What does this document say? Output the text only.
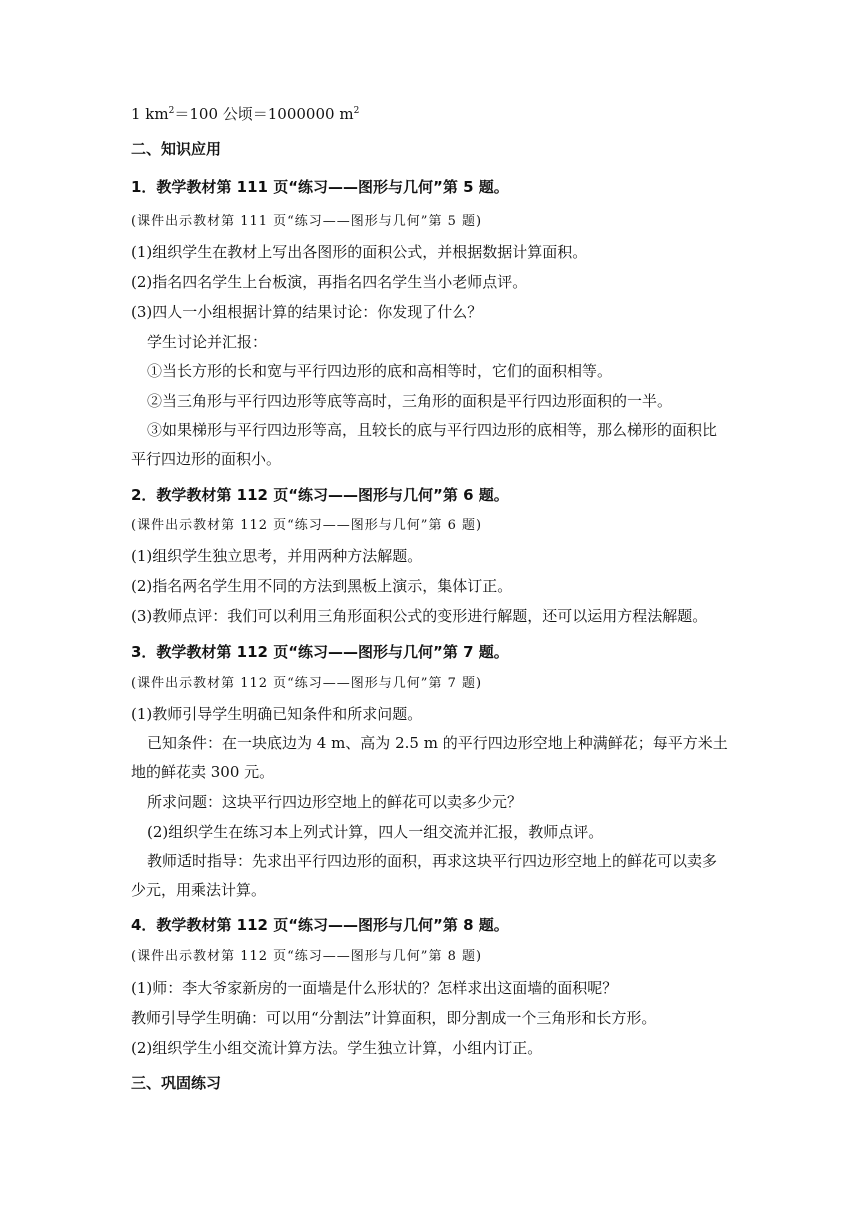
1 $km^2=100$ 公顷＝1000000 $m^2$
二、知识应用
1．教学教材第 111 页“练习——图形与几何”第 5 题。
(课件出示教材第 111 页“练习——图形与几何”第 5 题)
(1)组织学生在教材上写出各图形的面积公式，并根据数据计算面积。
(2)指名四名学生上台板演，再指名四名学生当小老师点评。
(3)四人一小组根据计算的结果讨论：你发现了什么？
学生讨论并汇报：
①当长方形的长和宽与平行四边形的底和高相等时，它们的面积相等。
②当三角形与平行四边形等底等高时，三角形的面积是平行四边形面积的一半。
③如果梯形与平行四边形等高，且较长的底与平行四边形的底相等，那么梯形的面积比
平行四边形的面积小。
2．教学教材第 112 页“练习——图形与几何”第 6 题。
(课件出示教材第 112 页“练习——图形与几何”第 6 题)
(1)组织学生独立思考，并用两种方法解题。
(2)指名两名学生用不同的方法到黑板上演示，集体订正。
(3)教师点评：我们可以利用三角形面积公式的变形进行解题，还可以运用方程法解题。
3．教学教材第 112 页“练习——图形与几何”第 7 题。
(课件出示教材第 112 页“练习——图形与几何”第 7 题)
(1)教师引导学生明确已知条件和所求问题。
已知条件：在一块底边为 4 m、高为 2.5 m 的平行四边形空地上种满鲜花；每平方米土
地的鲜花卖 300 元。
所求问题：这块平行四边形空地上的鲜花可以卖多少元？
(2)组织学生在练习本上列式计算，四人一组交流并汇报，教师点评。
教师适时指导：先求出平行四边形的面积，再求这块平行四边形空地上的鲜花可以卖多
少元，用乘法计算。
4．教学教材第 112 页“练习——图形与几何”第 8 题。
(课件出示教材第 112 页“练习——图形与几何”第 8 题)
(1)师：李大爷家新房的一面墙是什么形状的？怎样求出这面墙的面积呢？
教师引导学生明确：可以用“分割法”计算面积，即分割成一个三角形和长方形。
(2)组织学生小组交流计算方法。学生独立计算，小组内订正。
三、巩固练习
